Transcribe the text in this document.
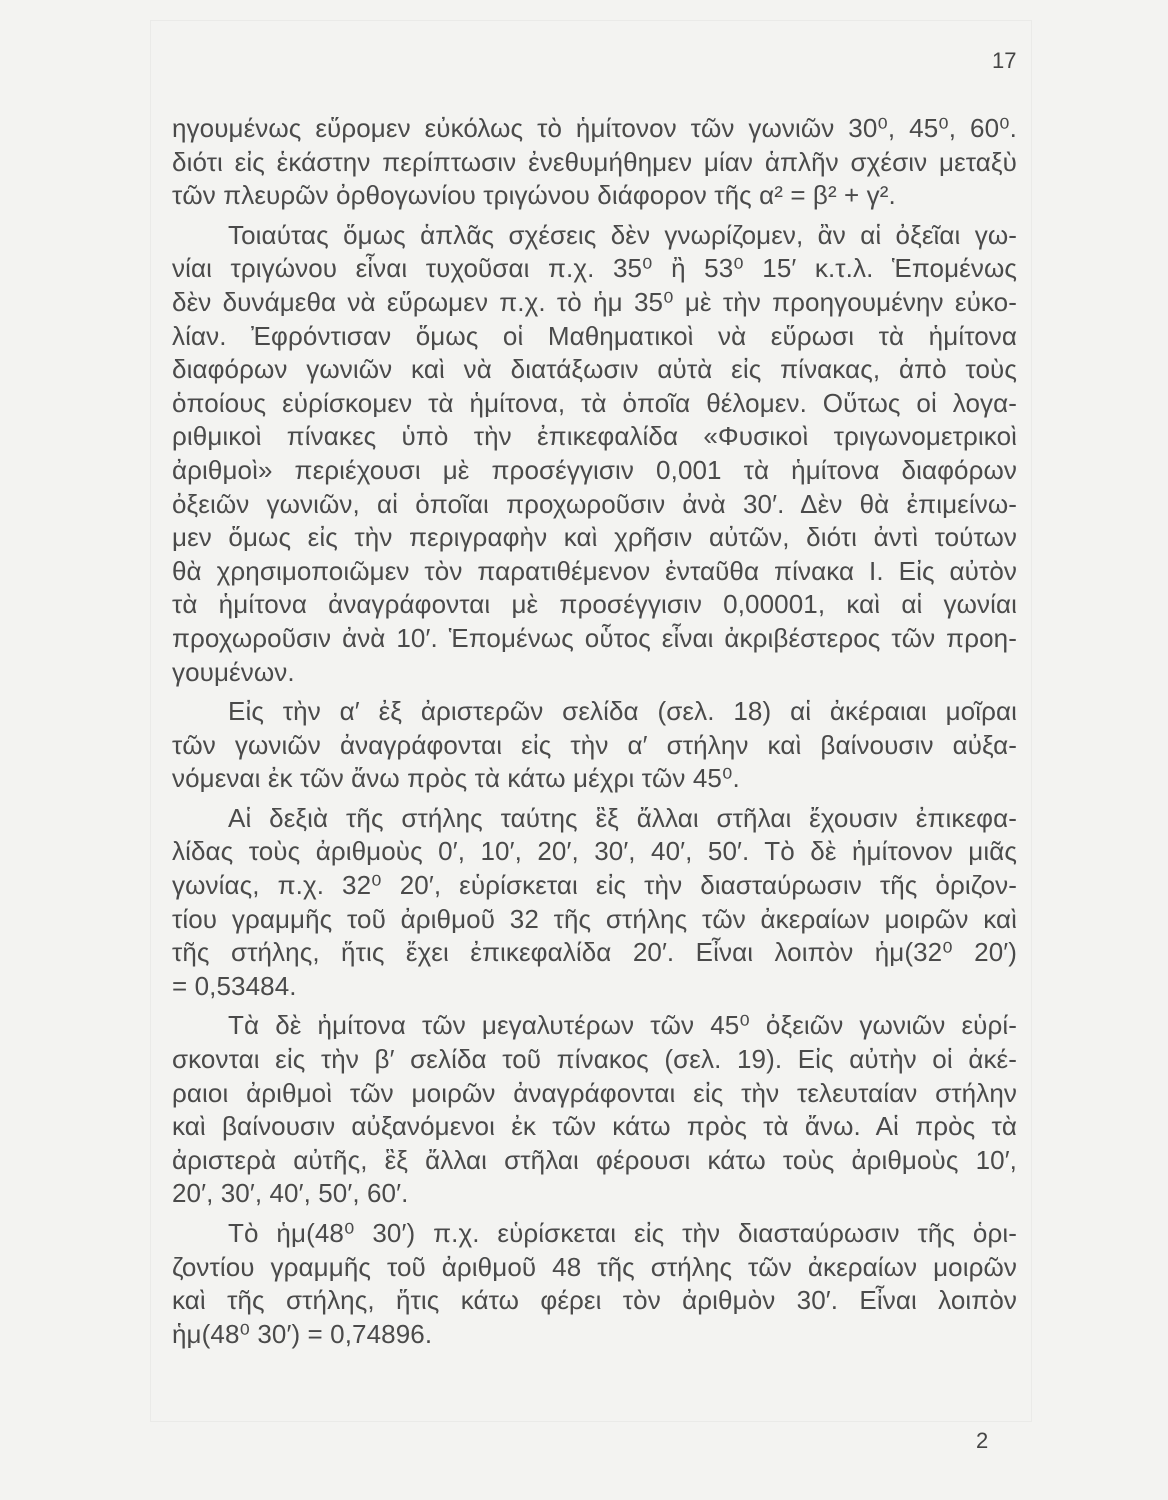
17
ηγουμένως εὕρομεν εὐκόλως τὸ ἡμίτονον τῶν γωνιῶν 30⁰, 45⁰, 60⁰.
διότι εἰς ἑκάστην περίπτωσιν ἐνεθυμήθημεν μίαν ἁπλῆν σχέσιν μεταξὺ
τῶν πλευρῶν ὀρθογωνίου τριγώνου διάφορον τῆς α² = β² + γ².
Τοιαύτας ὅμως ἁπλᾶς σχέσεις δὲν γνωρίζομεν, ἂν αἱ ὀξεῖαι γω-
νίαι τριγώνου εἶναι τυχοῦσαι π.χ. 35⁰ ἢ 53⁰ 15′ κ.τ.λ. Ἑπομένως
δὲν δυνάμεθα νὰ εὕρωμεν π.χ. τὸ ἡμ 35⁰ μὲ τὴν προηγουμένην εὐκο-
λίαν. Ἐφρόντισαν ὅμως οἱ Μαθηματικοὶ νὰ εὕρωσι τὰ ἡμίτονα
διαφόρων γωνιῶν καὶ νὰ διατάξωσιν αὐτὰ εἰς πίνακας, ἀπὸ τοὺς
ὁποίους εὑρίσκομεν τὰ ἡμίτονα, τὰ ὁποῖα θέλομεν. Οὕτως οἱ λογα-
ριθμικοὶ πίνακες ὑπὸ τὴν ἐπικεφαλίδα «Φυσικοὶ τριγωνομετρικοὶ
ἀριθμοὶ» περιέχουσι μὲ προσέγγισιν 0,001 τὰ ἡμίτονα διαφόρων
ὀξειῶν γωνιῶν, αἱ ὁποῖαι προχωροῦσιν ἀνὰ 30′. Δὲν θὰ ἐπιμείνω-
μεν ὅμως εἰς τὴν περιγραφὴν καὶ χρῆσιν αὐτῶν, διότι ἀντὶ τούτων
θὰ χρησιμοποιῶμεν τὸν παρατιθέμενον ἐνταῦθα πίνακα Ι. Εἰς αὐτὸν
τὰ ἡμίτονα ἀναγράφονται μὲ προσέγγισιν 0,00001, καὶ αἱ γωνίαι
προχωροῦσιν ἀνὰ 10′. Ἑπομένως οὗτος εἶναι ἀκριβέστερος τῶν προη-
γουμένων.
Εἰς τὴν α′ ἐξ ἀριστερῶν σελίδα (σελ. 18) αἱ ἀκέραιαι μοῖραι
τῶν γωνιῶν ἀναγράφονται εἰς τὴν α′ στήλην καὶ βαίνουσιν αὐξα-
νόμεναι ἐκ τῶν ἄνω πρὸς τὰ κάτω μέχρι τῶν 45⁰.
Αἱ δεξιὰ τῆς στήλης ταύτης ἓξ ἄλλαι στῆλαι ἔχουσιν ἐπικεφα-
λίδας τοὺς ἀριθμοὺς 0′, 10′, 20′, 30′, 40′, 50′. Τὸ δὲ ἡμίτονον μιᾶς
γωνίας, π.χ. 32⁰ 20′, εὑρίσκεται εἰς τὴν διασταύρωσιν τῆς ὁριζον-
τίου γραμμῆς τοῦ ἀριθμοῦ 32 τῆς στήλης τῶν ἀκεραίων μοιρῶν καὶ
τῆς στήλης, ἥτις ἔχει ἐπικεφαλίδα 20′. Εἶναι λοιπὸν ἡμ(32⁰ 20′)
= 0,53484.
Τὰ δὲ ἡμίτονα τῶν μεγαλυτέρων τῶν 45⁰ ὀξειῶν γωνιῶν εὑρί-
σκονται εἰς τὴν β′ σελίδα τοῦ πίνακος (σελ. 19). Εἰς αὐτὴν οἱ ἀκέ-
ραιοι ἀριθμοὶ τῶν μοιρῶν ἀναγράφονται εἰς τὴν τελευταίαν στήλην
καὶ βαίνουσιν αὐξανόμενοι ἐκ τῶν κάτω πρὸς τὰ ἄνω. Αἱ πρὸς τὰ
ἀριστερὰ αὐτῆς, ἓξ ἄλλαι στῆλαι φέρουσι κάτω τοὺς ἀριθμοὺς 10′,
20′, 30′, 40′, 50′, 60′.
Τὸ ἡμ(48⁰ 30′) π.χ. εὑρίσκεται εἰς τὴν διασταύρωσιν τῆς ὁρι-
ζοντίου γραμμῆς τοῦ ἀριθμοῦ 48 τῆς στήλης τῶν ἀκεραίων μοιρῶν
καὶ τῆς στήλης, ἥτις κάτω φέρει τὸν ἀριθμὸν 30′. Εἶναι λοιπὸν
ἡμ(48⁰ 30′) = 0,74896.
2
